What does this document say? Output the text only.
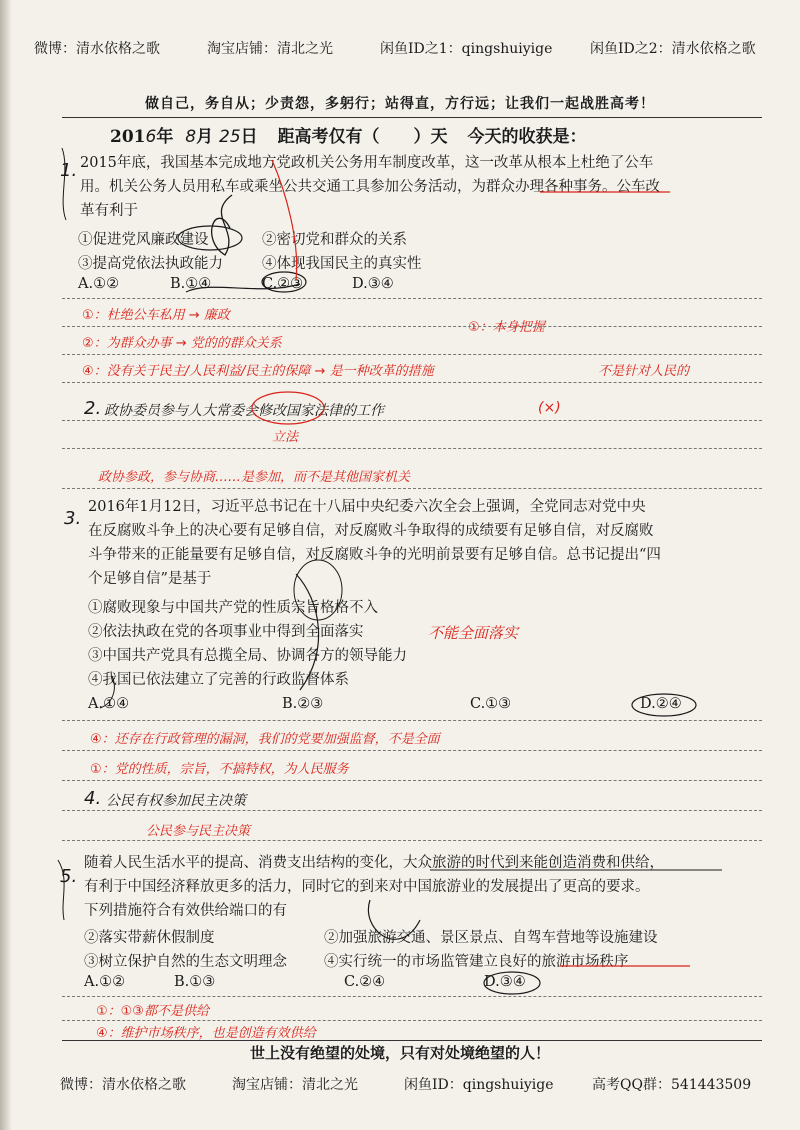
微博：清水依格之歌	淘宝店铺：清北之光	闲鱼ID之1：qingshuiyige	闲鱼ID之2：清水依格之歌
做自己，务自从；少责怨，多躬行；站得直，方行远；让我们一起战胜高考！
2016年 8月 25日 距高考仅有（　　）天 今天的收获是：
1. 2015年底，我国基本完成地方党政机关公务用车制度改革，这一改革从根本上杜绝了公车
用。机关公务人员用私车或乘坐公共交通工具参加公务活动，为群众办理各种事务。公车改
革有利于
①促进党风廉政建设	②密切党和群众的关系
③提高党依法执政能力	④体现我国民主的真实性
A.①②	B.①④	C.②③	D.③④
①：杜绝公车私用 → 廉政
①：本身把握
②：为群众办事 → 党的的群众关系
④：没有关于民主/人民利益/民主的保障 → 是一种改革的措施	不是针对人民的
2. 政协委员参与人大常委会修改国家法律的工作	(×)
立法
政协参政，参与协商……是参加，而不是其他国家机关
3.
2016年1月12日，习近平总书记在十八届中央纪委六次全会上强调，全党同志对党中央
在反腐败斗争上的决心要有足够自信，对反腐败斗争取得的成绩要有足够自信，对反腐败
斗争带来的正能量要有足够自信，对反腐败斗争的光明前景要有足够自信。总书记提出“四
个足够自信”是基于
①腐败现象与中国共产党的性质宗旨格格不入
②依法执政在党的各项事业中得到全面落实	不能全面落实
③中国共产党具有总揽全局、协调各方的领导能力
④我国已依法建立了完善的行政监督体系
A.①④	B.②③	C.①③	D.②④
④：还存在行政管理的漏洞，我们的党要加强监督，不是全面
①：党的性质，宗旨，不搞特权，为人民服务
4. 公民有权参加民主决策
公民参与民主决策
5.
随着人民生活水平的提高、消费支出结构的变化，大众旅游的时代到来能创造消费和供给，
有利于中国经济释放更多的活力，同时它的到来对中国旅游业的发展提出了更高的要求。
下列措施符合有效供给端口的有
②落实带薪休假制度	②加强旅游交通、景区景点、自驾车营地等设施建设
③树立保护自然的生态文明理念	④实行统一的市场监管建立良好的旅游市场秩序
A.①②	B.①③	C.②④	D.③④
①：①③都不是供给
④：维护市场秩序，也是创造有效供给
世上没有绝望的处境，只有对处境绝望的人！
微博：清水依格之歌	淘宝店铺：清北之光	闲鱼ID：qingshuiyige	高考QQ群：541443509
